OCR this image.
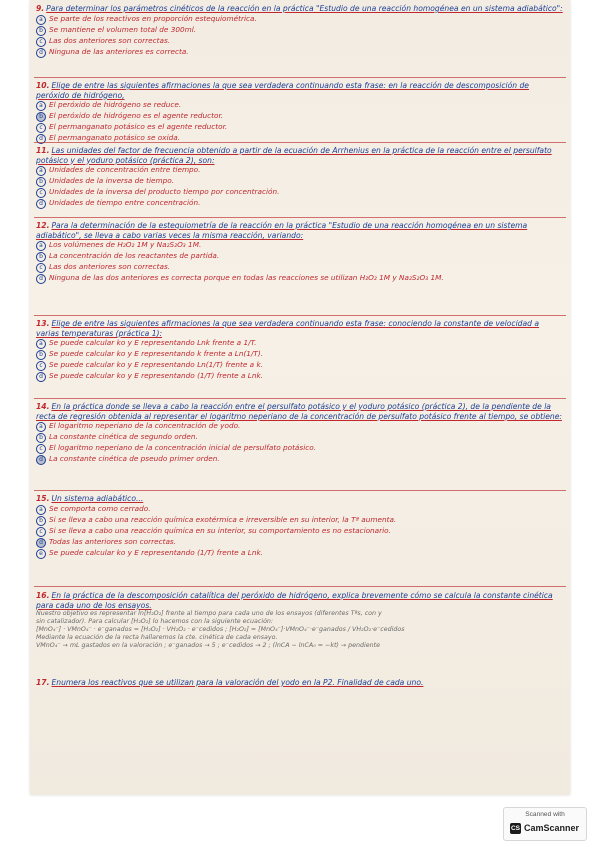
9. Para determinar los parámetros cinéticos de la reacción en la práctica "Estudio de una reacción homogénea en un sistema adiabático":
a Se parte de los reactivos en proporción estequiométrica.
b Se mantiene el volumen total de 300ml.
c Las dos anteriores son correctas.
d Ninguna de las anteriores es correcta.
10. Elige de entre las siguientes afirmaciones la que sea verdadera continuando esta frase: en la reacción de descomposición de peróxido de hidrógeno,
a El peróxido de hidrógeno se reduce.
b El peróxido de hidrógeno es el agente reductor.
c El permanganato potásico es el agente reductor.
d El permanganato potásico se oxida.
11. Las unidades del factor de frecuencia obtenido a partir de la ecuación de Arrhenius en la práctica de la reacción entre el persulfato potásico y el yoduro potásico (práctica 2), son:
a Unidades de concentración entre tiempo.
b Unidades de la inversa de tiempo.
c Unidades de la inversa del producto tiempo por concentración.
d Unidades de tiempo entre concentración.
12. Para la determinación de la estequiometría de la reacción en la práctica "Estudio de una reacción homogénea en un sistema adiabático", se lleva a cabo varias veces la misma reacción, variando:
a Los volúmenes de H₂O₂ 1M y Na₂S₂O₃ 1M.
b La concentración de los reactantes de partida.
c Las dos anteriores son correctas.
d Ninguna de las dos anteriores es correcta porque en todas las reacciones se utilizan H₂O₂ 1M y Na₂S₂O₃ 1M.
13. Elige de entre las siguientes afirmaciones la que sea verdadera continuando esta frase: conociendo la constante de velocidad a varias temperaturas (práctica 1):
a Se puede calcular ko y E representando Lnk frente a 1/T.
b Se puede calcular ko y E representando k frente a Ln(1/T).
c Se puede calcular ko y E representando Ln(1/T) frente a k.
d Se puede calcular ko y E representando (1/T) frente a Lnk.
14. En la práctica donde se lleva a cabo la reacción entre el persulfato potásico y el yoduro potásico (práctica 2), de la pendiente de la recta de regresión obtenida al representar el logaritmo neperiano de la concentración de persulfato potásico frente al tiempo, se obtiene:
a El logaritmo neperiano de la concentración de yodo.
b La constante cinética de segundo orden.
c El logaritmo neperiano de la concentración inicial de persulfato potásico.
d La constante cinética de pseudo primer orden.
15. Un sistema adiabático...
a Se comporta como cerrado.
b Si se lleva a cabo una reacción química exotérmica e irreversible en su interior, la Tª aumenta.
c Si se lleva a cabo una reacción química en su interior, su comportamiento es no estacionario.
d Todas las anteriores son correctas.
e Se puede calcular ko y E representando (1/T) frente a Lnk.
16. En la práctica de la descomposición catalítica del peróxido de hidrógeno, explica brevemente cómo se calcula la constante cinética para cada uno de los ensayos.
Nuestro objetivo es representar ln[H₂O₂] frente al tiempo para cada uno de los ensayos (diferentes Tªs, con y
sin catalizador). Para calcular [H₂O₂] lo hacemos con la siguiente ecuación:
[MnO₄⁻] · VMnO₄⁻ · e⁻ganados = [H₂O₂] · VH₂O₂ · e⁻cedidos ; [H₂O₂] = [MnO₄⁻]·VMnO₄⁻·e⁻ganados / VH₂O₂·e⁻cedidos
Mediante la ecuación de la recta hallaremos la cte. cinética de cada ensayo.
VMnO₄⁻ → mL gastados en la valoración ; e⁻ganados → 5 ; e⁻cedidos → 2 ; (lnCA − lnCA₀ = −kt) → pendiente
17. Enumera los reactivos que se utilizan para la valoración del yodo en la P2. Finalidad de cada uno.
Scanned with
CS CamScanner
